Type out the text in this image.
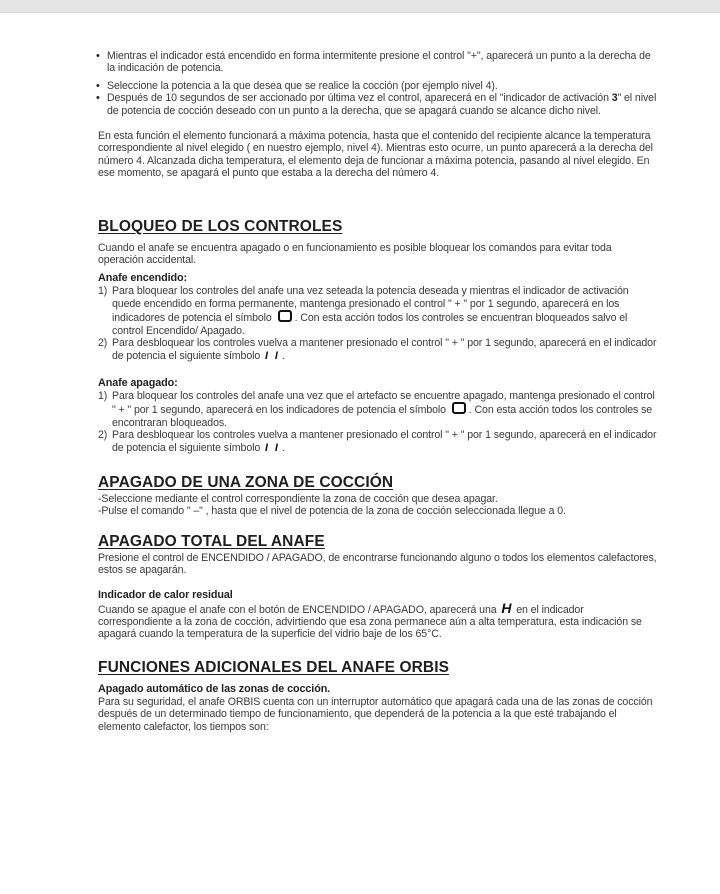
• Mientras el indicador está encendido en forma intermitente presione el control "+", aparecerá un punto a la derecha de la indicación de potencia.
• Seleccione la potencia a la que desea que se realice la cocción (por ejemplo nivel 4).
• Después de 10 segundos de ser accionado por última vez el control, aparecerá en el "indicador de activación 3" el nivel de potencia de cocción deseado con un punto a la derecha, que se apagará cuando se alcance dicho nivel.

En esta función el elemento funcionará a máxima potencia, hasta que el contenido del recipiente alcance la temperatura correspondiente al nivel elegido ( en nuestro ejemplo, nivel 4). Mientras esto ocurre, un punto aparecerá a la derecha del número 4. Alcanzada dicha temperatura, el elemento deja de funcionar a máxima potencia, pasando al nivel elegido. En ese momento, se apagará el punto que estaba a la derecha del número 4.

BLOQUEO DE LOS CONTROLES

Cuando el anafe se encuentra apagado o en funcionamiento es posible bloquear los comandos para evitar toda operación accidental.

Anafe encendido:
1) Para bloquear los controles del anafe una vez seteada la potencia deseada y mientras el indicador de activación quede encendido en forma permanente, mantenga presionado el control " + " por 1 segundo, aparecerá en los indicadores de potencia el símbolo . Con esta acción todos los controles se encuentran bloqueados salvo el control Encendido/ Apagado.
2) Para desbloquear los controles vuelva a mantener presionado el control " + " por 1 segundo, aparecerá en el indicador de potencia el siguiente símbolo I I .
Anafe apagado:
1) Para bloquear los controles del anafe una vez que el artefacto se encuentre apagado, mantenga presionado el control " + " por 1 segundo, aparecerá en los indicadores de potencia el símbolo . Con esta acción todos los controles se encontraran bloqueados.
2) Para desbloquear los controles vuelva a mantener presionado el control " + " por 1 segundo, aparecerá en el indicador de potencia el siguiente símbolo I I .
APAGADO DE UNA ZONA DE COCCIÓN

-Seleccione mediante el control correspondiente la zona de cocción que desea apagar.

-Pulse el comando " –" , hasta que el nivel de potencia de la zona de cocción seleccionada llegue a 0.

APAGADO TOTAL DEL ANAFE

Presione el control de ENCENDIDO / APAGADO, de encontrarse funcionando alguno o todos los elementos calefactores, estos se apagarán.

Indicador de calor residual

Cuando se apague el anafe con el botón de ENCENDIDO / APAGADO, aparecerá una H en el indicador correspondiente a la zona de cocción, advirtiendo que esa zona permanece aún a alta temperatura, esta indicación se apagará cuando la temperatura de la superficie del vidrio baje de los 65°C.

FUNCIONES ADICIONALES DEL ANAFE ORBIS
Apagado automático de las zonas de cocción.

Para su seguridad, el anafe ORBIS cuenta con un interruptor automático que apagará cada una de las zonas de cocción después de un determinado tiempo de funcionamiento, que dependerá de la potencia a la que esté trabajando el elemento calefactor, los tiempos son:
